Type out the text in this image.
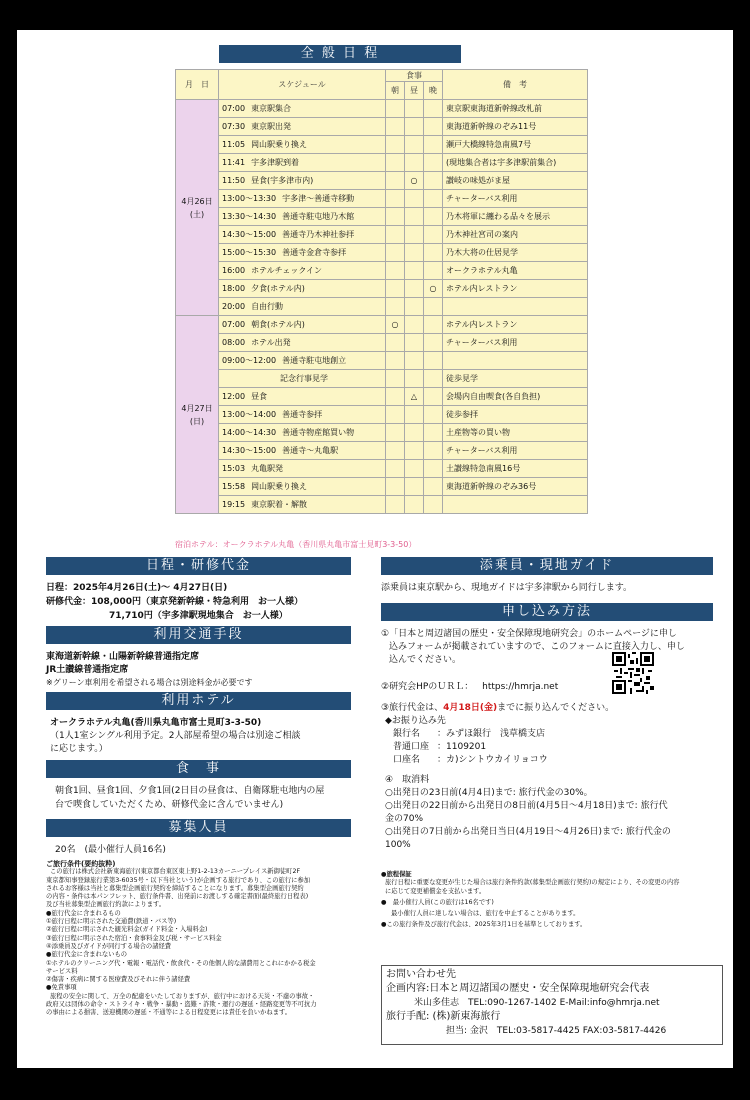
全 般 日 程
月　日	スケジュール	食事			備　考
		朝	昼	晩	

4月26日
(土)	07:00 東京駅集合				東京駅東海道新幹線改札前
	07:30 東京駅出発				東海道新幹線のぞみ11号
	11:05 岡山駅乗り換え				瀬戸大橋線特急南風7号
	11:41 宇多津駅到着				(現地集合者は宇多津駅前集合)
	11:50 昼食(宇多津市内)		○		讃岐の味処がま屋
	13:00～13:30 宇多津～善通寺移動				チャーターバス利用
	13:30～14:30 善通寺駐屯地乃木館				乃木将軍に纏わる品々を展示
	14:30～15:00 善通寺乃木神社参拝				乃木神社宮司の案内
	15:00～15:30 善通寺金倉寺参拝				乃木大将の仕居見学
	16:00 ホテルチェックイン				オークラホテル丸亀
	18:00 夕食(ホテル内)			○	ホテル内レストラン
	20:00 自由行動				

4月27日
(日)	07:00 朝食(ホテル内)	○			ホテル内レストラン
	08:00 ホテル出発				チャーターバス利用
	09:00～12:00 善通寺駐屯地創立				
	記念行事見学				徒歩見学
	12:00 昼食		△		会場内自由喫食(各自負担)
	13:00～14:00 善通寺参拝				徒歩参拝
	14:00～14:30 善通寺物産館買い物				土産物等の買い物
	14:30～15:00 善通寺～丸亀駅				チャーターバス利用
	15:03 丸亀駅発				土讃線特急南風16号
	15:58 岡山駅乗り換え				東海道新幹線のぞみ36号
	19:15 東京駅着・解散				
宿泊ホテル：オークラホテル丸亀（香川県丸亀市富士見町3-3-50）
日程・研修代金
日程：2025年4月26日(土)～ 4月27日(日)
研修代金：108,000円（東京発新幹線・特急利用　お一人様）
71,710円（宇多津駅現地集合　お一人様）
利用交通手段
東海道新幹線・山陽新幹線普通指定席
JR土讃線普通指定席
※グリーン車利用を希望される場合は別途料金が必要です
利用ホテル
オークラホテル丸亀(香川県丸亀市富士見町3-3-50)
（1人1室シングル利用予定。2人部屋希望の場合は別途ご相談
に応じます。）
食　事
朝食1回、昼食1回、夕食1回(2日目の昼食は、自衛隊駐屯地内の屋
台で喫食していただくため、研修代金に含んでいません)
募集人員
20名　(最小催行人員16名)
ご旅行条件(要約抜粋)
この旅行は株式会社新東海旅行(東京都台東区東上野1-2-13カーニープレイス新御徒町2F
東京都知事登録旅行業第3-6035号・以下当社という)が企画する旅行であり、この旅行に参加
されるお客様は当社と募集型企画旅行契約を締結することになります。募集型企画旅行契約
の内容・条件は本パンフレット、旅行条件書、出発前にお渡しする確定書面(最終旅行日程表)
及び当社募集型企画旅行約款によります。
●旅行代金に含まれるもの
①旅行日程に明示された交通費(鉄道・バス等)
②旅行日程に明示された観光料金(ガイド料金・入場料金)
③旅行日程に明示された宿泊・食事料金及び税・サービス料金
④添乗員及びガイドが同行する場合の諸経費
●旅行代金に含まれないもの
①ホテルのクリーニング代・電報・電話代・飲食代・その他個人的な諸費用とこれにかかる税金
サービス料
②傷害・疾病に関する医療費及びそれに伴う諸経費
●免責事項
旅程の安全に関して、万全の配慮をいたしておりますが、旅行中における天災・不慮の事故・
政府又は団体の命令・ストライキ・戦争・暴動・盗難・詐欺・運行の遅延・経路変更等不可抗力
の事由による損害、送迎機関の遅延・不通等による日程変更には責任を負いかねます。
添乗員・現地ガイド
添乗員は東京駅から、現地ガイドは宇多津駅から同行します。
申し込み方法
①「日本と周辺諸国の歴史・安全保障現地研究会」のホームページに申し
込みフォームが掲載されていますので、このフォームに直接入力し、申し
込んでください。
②研究会HPのＵＲＬ： https://hmrja.net
③旅行代金は、4月18日(金)までに振り込んでください。
◆お振り込み先
銀行名 ：みずほ銀行　浅草橋支店
普通口座 ：1109201
口座名 ：カ)シントウカイリョコウ
④　取消料
○出発日の23日前(4月4日)まで: 旅行代金の30%。
○出発日の22日前から出発日の8日前(4月5日～4月18日)まで: 旅行代
金の70%
○出発日の7日前から出発日当日(4月19日～4月26日)まで: 旅行代金の
100%
●旅程保証
旅行日程に重要な変更が生じた場合は旅行条件約款(募集型企画旅行契約)の規定により、その変更の内容
に応じて変更補償金を支払います。
●　最小催行人員(この旅行は16名です)
最小催行人員に達しない場合は、旅行を中止することがあります。
●この旅行条件及び旅行代金は、2025年3月1日を基準としております。
お問い合わせ先
企画内容:日本と周辺諸国の歴史・安全保障現地研究会代表
米山多佳志　TEL:090-1267-1402 E-Mail:info@hmrja.net
旅行手配: (株)新東海旅行
担当: 金沢　TEL:03-5817-4425 FAX:03-5817-4426
